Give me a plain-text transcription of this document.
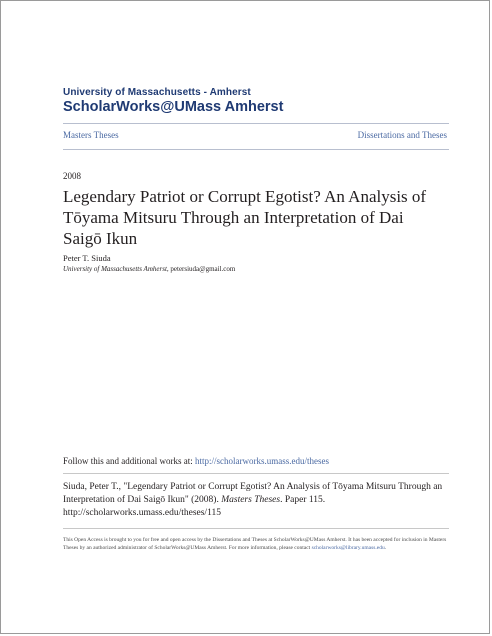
University of Massachusetts - Amherst
ScholarWorks@UMass Amherst
Masters Theses	Dissertations and Theses
2008
Legendary Patriot or Corrupt Egotist? An Analysis of Tōyama Mitsuru Through an Interpretation of Dai Saigō Ikun
Peter T. Siuda
University of Massachusetts Amherst, petersiuda@gmail.com
Follow this and additional works at: http://scholarworks.umass.edu/theses
Siuda, Peter T., "Legendary Patriot or Corrupt Egotist? An Analysis of Tōyama Mitsuru Through an Interpretation of Dai Saigō Ikun" (2008). Masters Theses. Paper 115.
http://scholarworks.umass.edu/theses/115
This Open Access is brought to you for free and open access by the Dissertations and Theses at ScholarWorks@UMass Amherst. It has been accepted for inclusion in Masters Theses by an authorized administrator of ScholarWorks@UMass Amherst. For more information, please contact scholarworks@library.umass.edu.
